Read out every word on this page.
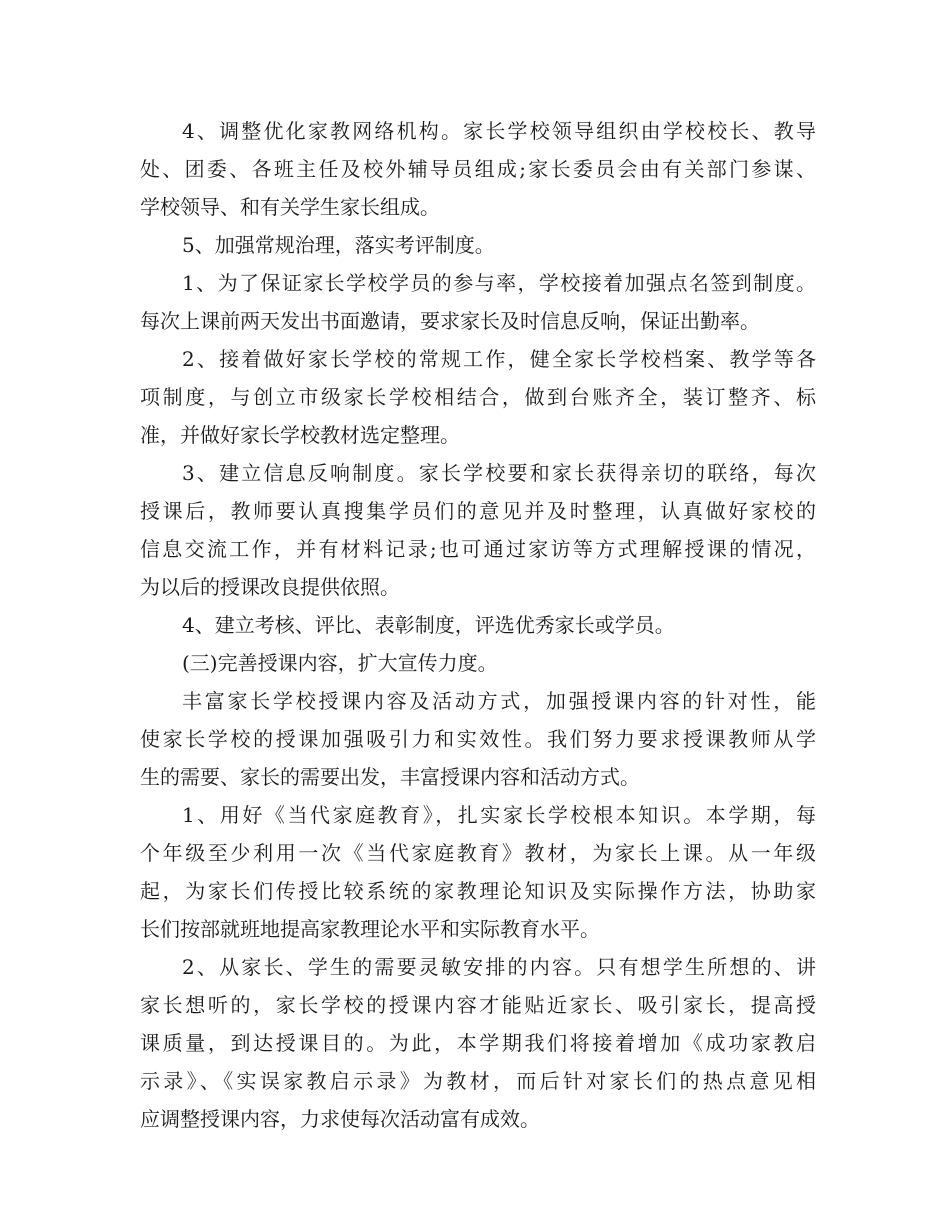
4、调整优化家教网络机构。家长学校领导组织由学校校长、教导
处、团委、各班主任及校外辅导员组成;家长委员会由有关部门参谋、
学校领导、和有关学生家长组成。
5、加强常规治理，落实考评制度。
1、为了保证家长学校学员的参与率，学校接着加强点名签到制度。
每次上课前两天发出书面邀请，要求家长及时信息反响，保证出勤率。
2、接着做好家长学校的常规工作，健全家长学校档案、教学等各
项制度，与创立市级家长学校相结合，做到台账齐全，装订整齐、标
准，并做好家长学校教材选定整理。
3、建立信息反响制度。家长学校要和家长获得亲切的联络，每次
授课后，教师要认真搜集学员们的意见并及时整理，认真做好家校的
信息交流工作，并有材料记录;也可通过家访等方式理解授课的情况，
为以后的授课改良提供依照。
4、建立考核、评比、表彰制度，评选优秀家长或学员。
(三)完善授课内容，扩大宣传力度。
丰富家长学校授课内容及活动方式，加强授课内容的针对性，能
使家长学校的授课加强吸引力和实效性。我们努力要求授课教师从学
生的需要、家长的需要出发，丰富授课内容和活动方式。
1、用好《当代家庭教育》，扎实家长学校根本知识。本学期，每
个年级至少利用一次《当代家庭教育》教材，为家长上课。从一年级
起，为家长们传授比较系统的家教理论知识及实际操作方法，协助家
长们按部就班地提高家教理论水平和实际教育水平。
2、从家长、学生的需要灵敏安排的内容。只有想学生所想的、讲
家长想听的，家长学校的授课内容才能贴近家长、吸引家长，提高授
课质量，到达授课目的。为此，本学期我们将接着增加《成功家教启
示录》、《实误家教启示录》为教材，而后针对家长们的热点意见相
应调整授课内容，力求使每次活动富有成效。
